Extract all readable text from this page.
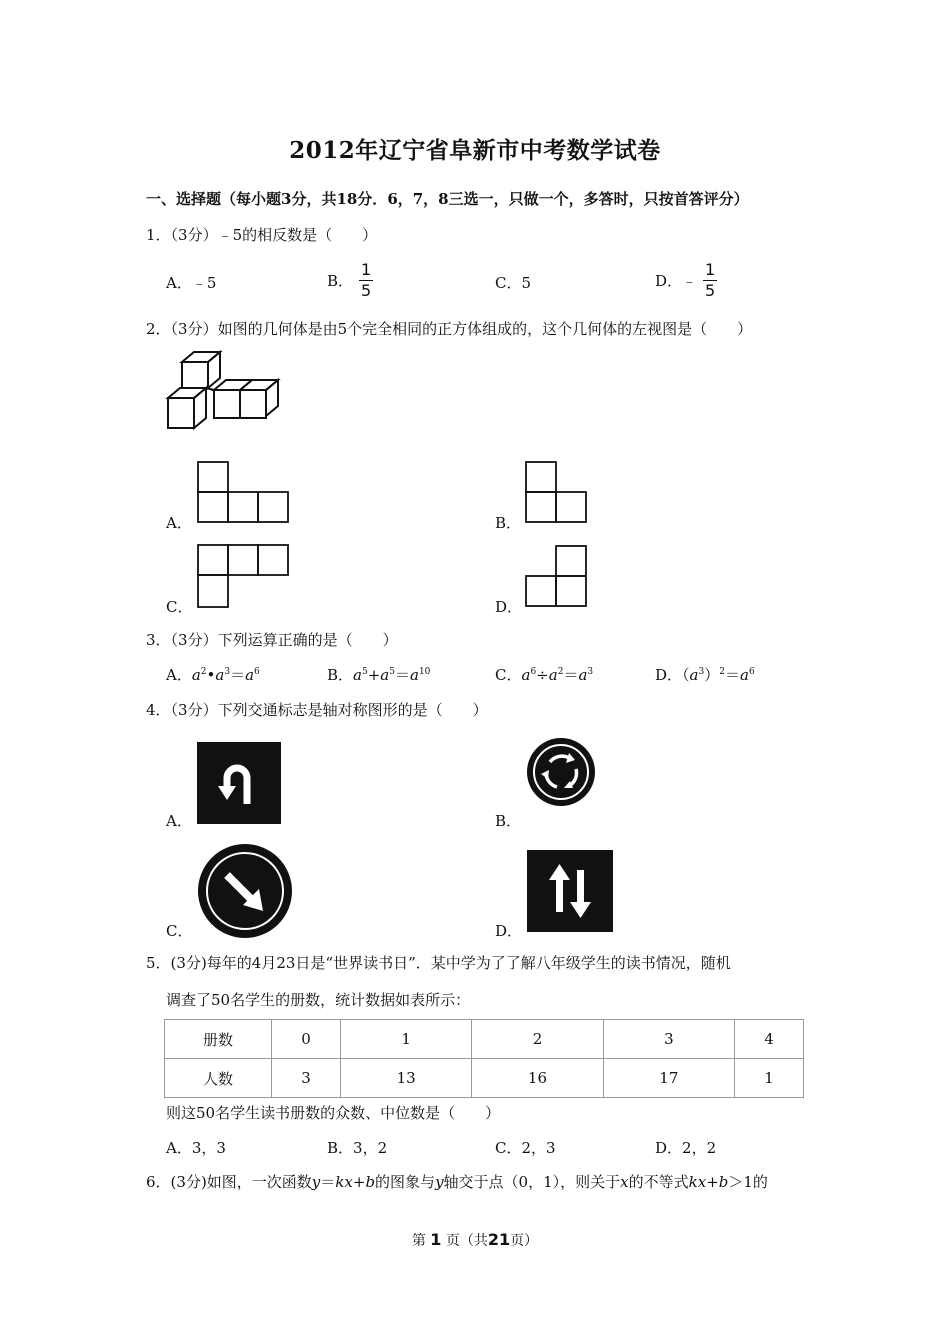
2012年辽宁省阜新市中考数学试卷
一、选择题（每小题3分，共18分．6，7，8三选一，只做一个，多答时，只按首答评分）
1．（3分）﹣5的相反数是（　　）
A．﹣5	B． $\frac{1}{5}$	C．5	D．﹣ $\frac{1}{5}$
2．（3分）如图的几何体是由5个完全相同的正方体组成的，这个几何体的左视图是（　　）
A．	B．
C．	D．
3．（3分）下列运算正确的是（　　）
A．$a^2•a^3=a^6$	B．$a^5+a^5=a^{10}$	C．$a^6\div a^2=a^3$	D．$(a^3)^2=a^6$
4．（3分）下列交通标志是轴对称图形的是（　　）
A．	B．
C．	D．
5．(3分)每年的4月23日是“世界读书日”．某中学为了了解八年级学生的读书情况，随机
调查了50名学生的册数，统计数据如表所示：
册数	0	1	2	3	4
人数	3	13	16	17	1
则这50名学生读书册数的众数、中位数是（　　）
A．3，3	B．3，2	C．2，3	D．2，2
6．(3分)如图，一次函数y＝kx+b的图象与y轴交于点（0，1），则关于x的不等式kx+b＞1的
第 1 页（共21页）
